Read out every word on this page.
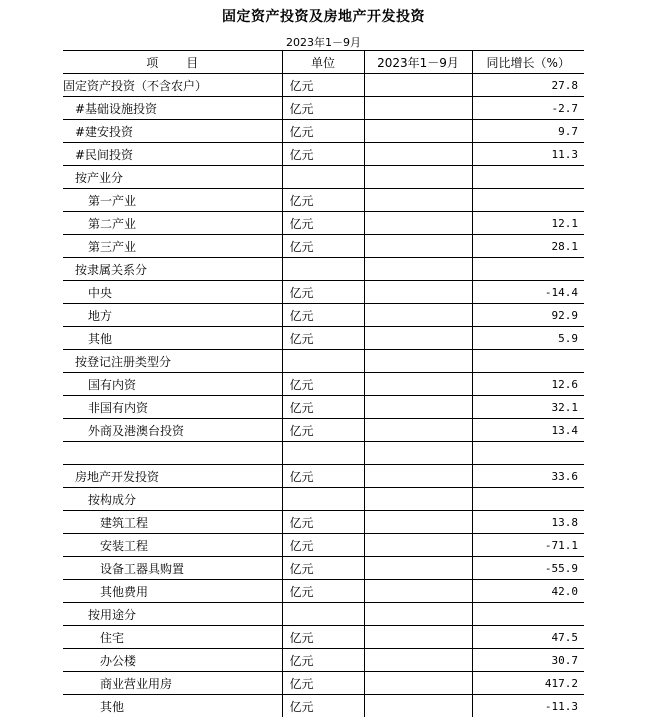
固定资产投资及房地产开发投资
2023年1－9月
项目	单位	2023年1－9月	同比增长（%）
固定资产投资（不含农户）	亿元		27.8
#基础设施投资	亿元		-2.7
#建安投资	亿元		9.7
#民间投资	亿元		11.3
按产业分			
第一产业	亿元		
第二产业	亿元		12.1
第三产业	亿元		28.1
按隶属关系分			
中央	亿元		-14.4
地方	亿元		92.9
其他	亿元		5.9
按登记注册类型分			
国有内资	亿元		12.6
非国有内资	亿元		32.1
外商及港澳台投资	亿元		13.4

房地产开发投资	亿元		33.6
按构成分			
建筑工程	亿元		13.8
安装工程	亿元		-71.1
设备工器具购置	亿元		-55.9
其他费用	亿元		42.0
按用途分			
住宅	亿元		47.5
办公楼	亿元		30.7
商业营业用房	亿元		417.2
其他	亿元		-11.3
